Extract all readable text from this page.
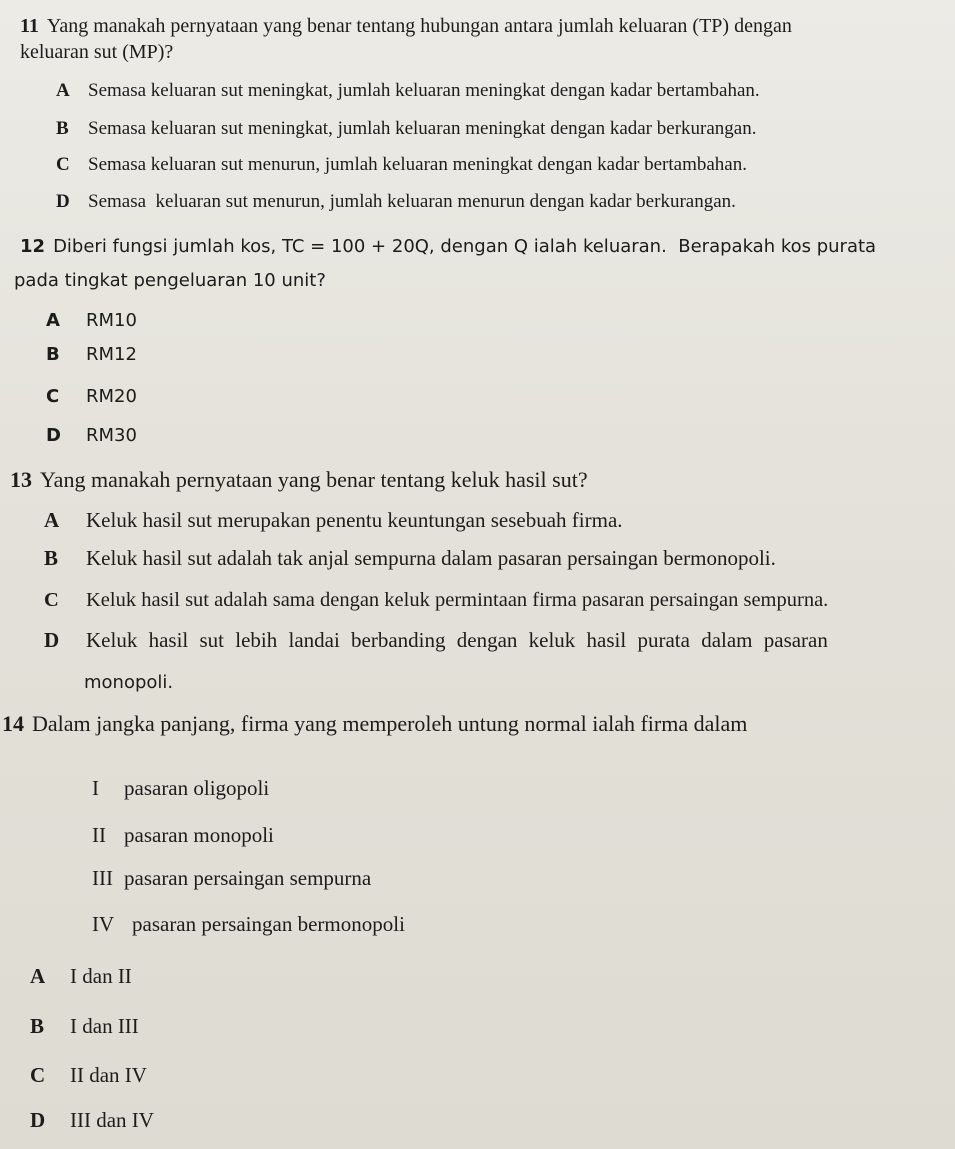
11 Yang manakah pernyataan yang benar tentang hubungan antara jumlah keluaran (TP) dengan
keluaran sut (MP)?
A Semasa keluaran sut meningkat, jumlah keluaran meningkat dengan kadar bertambahan.
B Semasa keluaran sut meningkat, jumlah keluaran meningkat dengan kadar berkurangan.
C Semasa keluaran sut menurun, jumlah keluaran meningkat dengan kadar bertambahan.
D Semasa  keluaran sut menurun, jumlah keluaran menurun dengan kadar berkurangan.
12 Diberi fungsi jumlah kos, TC = 100 + 20Q, dengan Q ialah keluaran.  Berapakah kos purata
pada tingkat pengeluaran 10 unit?
A RM10
B RM12
C RM20
D RM30
13 Yang manakah pernyataan yang benar tentang keluk hasil sut?
A Keluk hasil sut merupakan penentu keuntungan sesebuah firma.
B Keluk hasil sut adalah tak anjal sempurna dalam pasaran persaingan bermonopoli.
C Keluk hasil sut adalah sama dengan keluk permintaan firma pasaran persaingan sempurna.
D Keluk hasil sut lebih landai berbanding dengan keluk hasil purata dalam pasaran
monopoli.
14 Dalam jangka panjang, firma yang memperoleh untung normal ialah firma dalam
I pasaran oligopoli
II pasaran monopoli
III pasaran persaingan sempurna
IV pasaran persaingan bermonopoli
A I dan II
B I dan III
C II dan IV
D III dan IV
